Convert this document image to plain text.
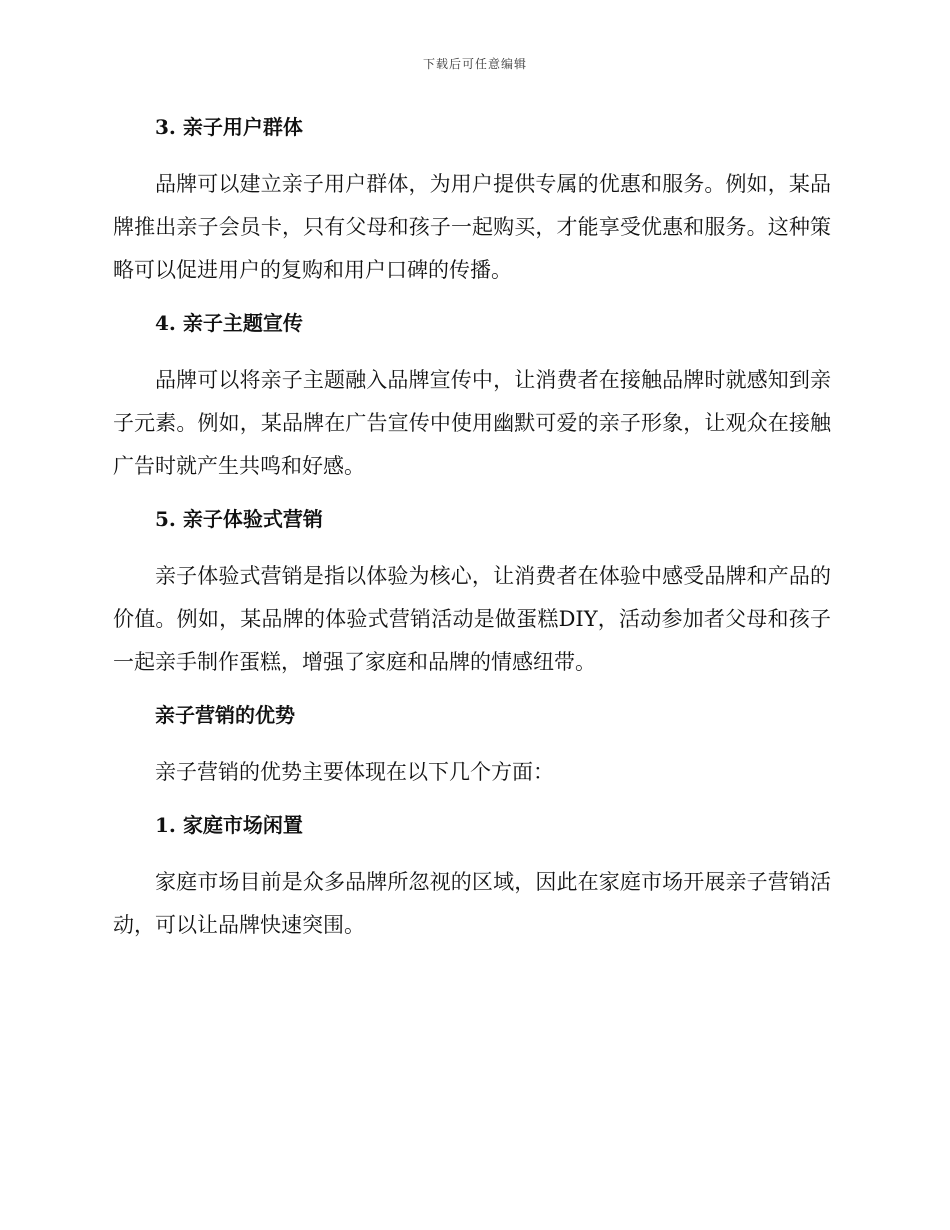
下载后可任意编辑
3. 亲子用户群体

品牌可以建立亲子用户群体，为用户提供专属的优惠和服务。例如，某品牌推出亲子会员卡，只有父母和孩子一起购买，才能享受优惠和服务。这种策略可以促进用户的复购和用户口碑的传播。

4. 亲子主题宣传

品牌可以将亲子主题融入品牌宣传中，让消费者在接触品牌时就感知到亲子元素。例如，某品牌在广告宣传中使用幽默可爱的亲子形象，让观众在接触广告时就产生共鸣和好感。

5. 亲子体验式营销

亲子体验式营销是指以体验为核心，让消费者在体验中感受品牌和产品的价值。例如，某品牌的体验式营销活动是做蛋糕DIY，活动参加者父母和孩子一起亲手制作蛋糕，增强了家庭和品牌的情感纽带。

亲子营销的优势

亲子营销的优势主要体现在以下几个方面：

1. 家庭市场闲置

家庭市场目前是众多品牌所忽视的区域，因此在家庭市场开展亲子营销活动，可以让品牌快速突围。
